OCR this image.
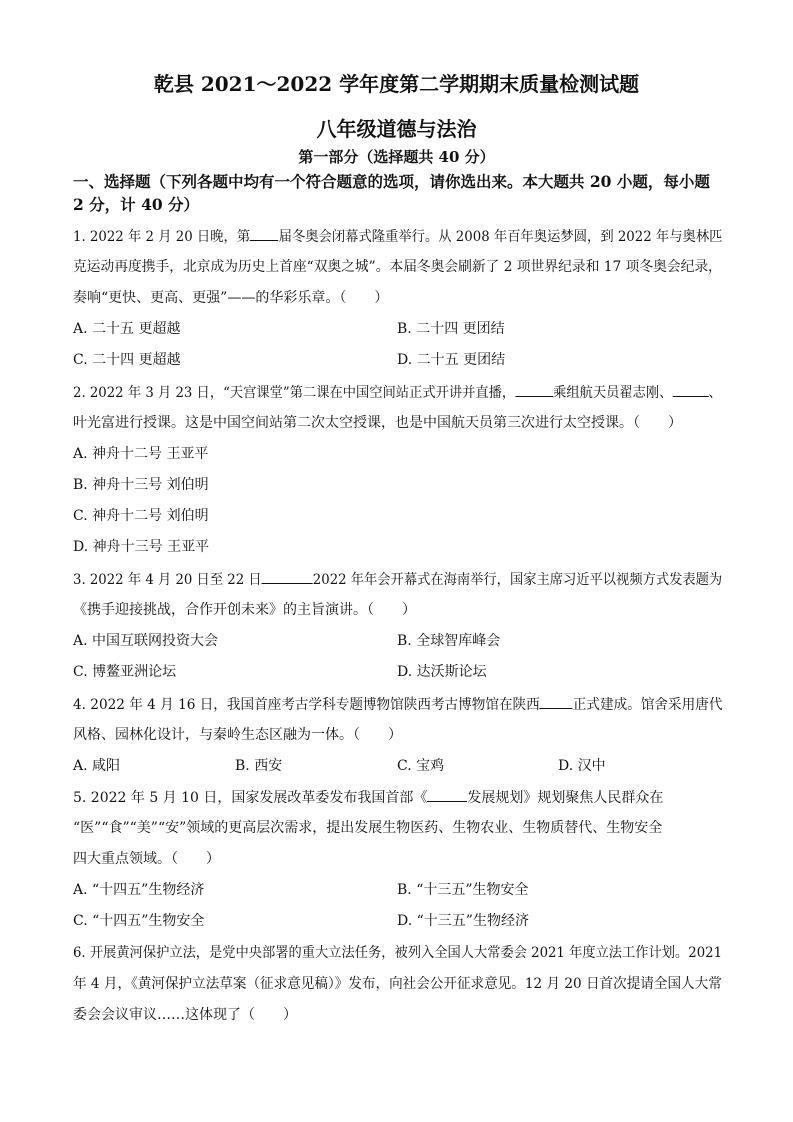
乾县 2021～2022 学年度第二学期期末质量检测试题
八年级道德与法治
第一部分（选择题共 40 分）
一、选择题（下列各题中均有一个符合题意的选项，请你选出来。本大题共 20 小题，每小题
2 分，计 40 分）
1. 2022 年 2 月 20 日晚，第 届冬奥会闭幕式隆重举行。从 2008 年百年奥运梦圆，到 2022 年与奥林匹
克运动再度携手，北京成为历史上首座“双奥之城”。本届冬奥会刷新了 2 项世界纪录和 17 项冬奥会纪录，
奏响“更快、更高、更强”——的华彩乐章。（　　）
A. 二十五 更超越	B. 二十四 更团结
C. 二十四 更超越	D. 二十五 更团结
2. 2022 年 3 月 23 日，“天宫课堂”第二课在中国空间站正式开讲并直播，	乘组航天员翟志刚、	、
叶光富进行授课。这是中国空间站第二次太空授课，也是中国航天员第三次进行太空授课。（　　）
A. 神舟十二号 王亚平
B. 神舟十三号 刘伯明
C. 神舟十二号 刘伯明
D. 神舟十三号 王亚平
3. 2022 年 4 月 20 日至 22 日	2022 年年会开幕式在海南举行，国家主席习近平以视频方式发表题为
《携手迎接挑战，合作开创未来》的主旨演讲。（　　）
A. 中国互联网投资大会	B. 全球智库峰会
C. 博鳌亚洲论坛	D. 达沃斯论坛
4. 2022 年 4 月 16 日，我国首座考古学科专题博物馆陕西考古博物馆在陕西 正式建成。馆舍采用唐代
风格、园林化设计，与秦岭生态区融为一体。（　　）
A. 咸阳	B. 西安	C. 宝鸡	D. 汉中
5. 2022 年 5 月 10 日，国家发展改革委发布我国首部《	发展规划》规划聚焦人民群众在
“医”“食”“美”“安”领域的更高层次需求，提出发展生物医药、生物农业、生物质替代、生物安全
四大重点领域。（　　）
A. “十四五”生物经济	B. “十三五”生物安全
C. “十四五”生物安全	D. “十三五”生物经济
6. 开展黄河保护立法，是党中央部署的重大立法任务，被列入全国人大常委会 2021 年度立法工作计划。2021
年 4 月，《黄河保护立法草案（征求意见稿）》发布，向社会公开征求意见。12 月 20 日首次提请全国人大常
委会会议审议……这体现了（　　）
